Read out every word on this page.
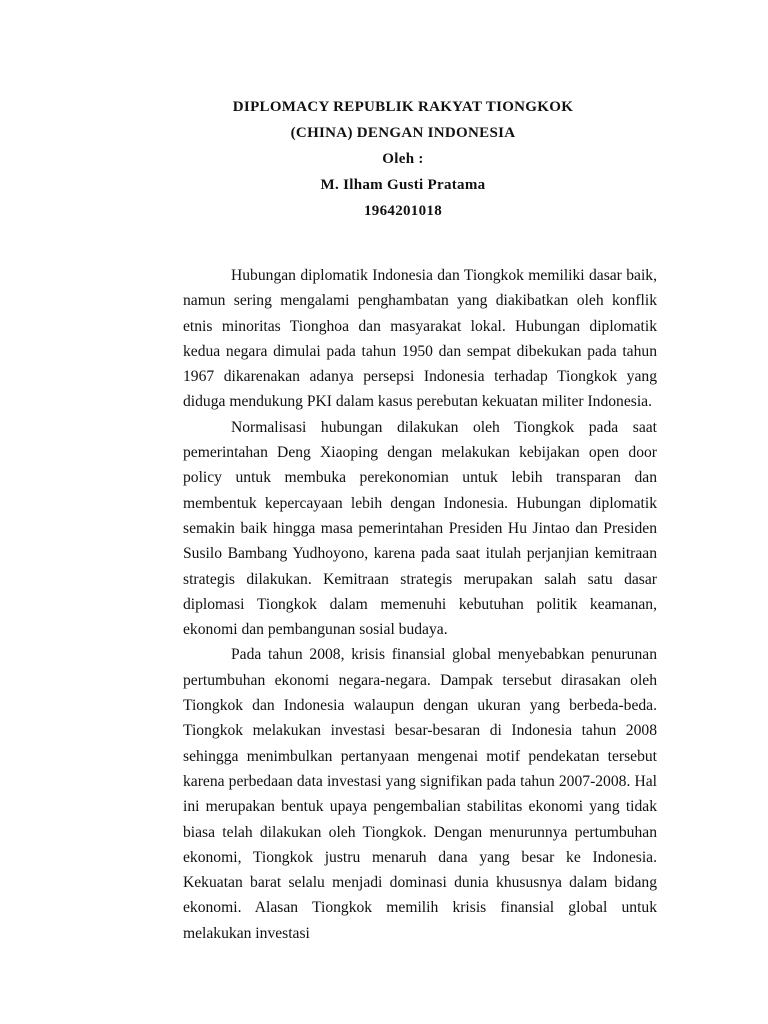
DIPLOMACY REPUBLIK RAKYAT TIONGKOK
(CHINA) DENGAN INDONESIA
Oleh :
M. Ilham Gusti Pratama
1964201018

Hubungan diplomatik Indonesia dan Tiongkok memiliki dasar baik, namun sering mengalami penghambatan yang diakibatkan oleh konflik etnis minoritas Tionghoa dan masyarakat lokal. Hubungan diplomatik kedua negara dimulai pada tahun 1950 dan sempat dibekukan pada tahun 1967 dikarenakan adanya persepsi Indonesia terhadap Tiongkok yang diduga mendukung PKI dalam kasus perebutan kekuatan militer Indonesia.

Normalisasi hubungan dilakukan oleh Tiongkok pada saat pemerintahan Deng Xiaoping dengan melakukan kebijakan open door policy untuk membuka perekonomian untuk lebih transparan dan membentuk kepercayaan lebih dengan Indonesia. Hubungan diplomatik semakin baik hingga masa pemerintahan Presiden Hu Jintao dan Presiden Susilo Bambang Yudhoyono, karena pada saat itulah perjanjian kemitraan strategis dilakukan. Kemitraan strategis merupakan salah satu dasar diplomasi Tiongkok dalam memenuhi kebutuhan politik keamanan, ekonomi dan pembangunan sosial budaya.

Pada tahun 2008, krisis finansial global menyebabkan penurunan pertumbuhan ekonomi negara-negara. Dampak tersebut dirasakan oleh Tiongkok dan Indonesia walaupun dengan ukuran yang berbeda-beda. Tiongkok melakukan investasi besar-besaran di Indonesia tahun 2008 sehingga menimbulkan pertanyaan mengenai motif pendekatan tersebut karena perbedaan data investasi yang signifikan pada tahun 2007-2008. Hal ini merupakan bentuk upaya pengembalian stabilitas ekonomi yang tidak biasa telah dilakukan oleh Tiongkok. Dengan menurunnya pertumbuhan ekonomi, Tiongkok justru menaruh dana yang besar ke Indonesia. Kekuatan barat selalu menjadi dominasi dunia khususnya dalam bidang ekonomi. Alasan Tiongkok memilih krisis finansial global untuk melakukan investasi
